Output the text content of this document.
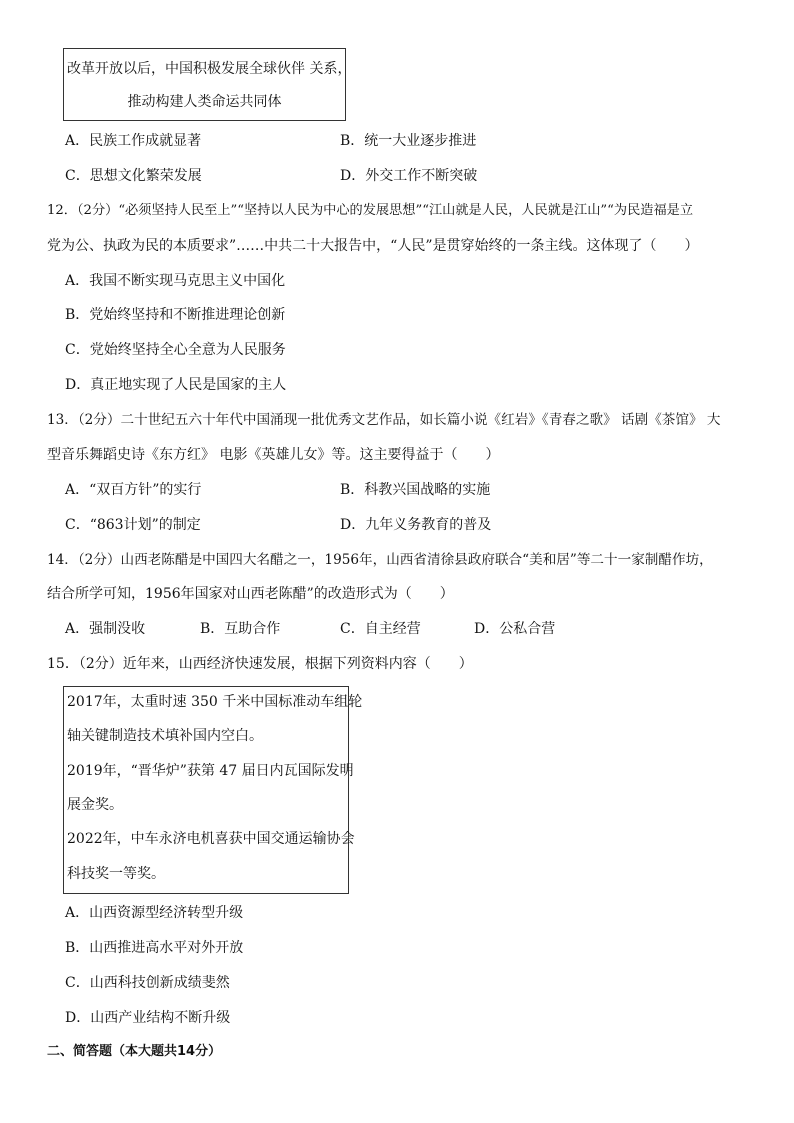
改革开放以后，中国积极发展全球伙伴 关系，
推动构建人类命运共同体
A．民族工作成就显著	B．统一大业逐步推进
C．思想文化繁荣发展	D．外交工作不断突破
12．（2分）“必须坚持人民至上”“坚持以人民为中心的发展思想”“江山就是人民，人民就是江山”“为民造福是立
党为公、执政为民的本质要求”……中共二十大报告中，“人民”是贯穿始终的一条主线。这体现了（　　）
A．我国不断实现马克思主义中国化
B．党始终坚持和不断推进理论创新
C．党始终坚持全心全意为人民服务
D．真正地实现了人民是国家的主人
13．（2分）二十世纪五六十年代中国涌现一批优秀文艺作品，如长篇小说《红岩》《青春之歌》 话剧《茶馆》 大
型音乐舞蹈史诗《东方红》 电影《英雄儿女》等。这主要得益于（　　）
A．“双百方针”的实行	B．科教兴国战略的实施
C．“863计划”的制定	D．九年义务教育的普及
14．（2分）山西老陈醋是中国四大名醋之一，1956年，山西省清徐县政府联合“美和居”等二十一家制醋作坊，
结合所学可知，1956年国家对山西老陈醋”的改造形式为（　　）
A．强制没收	B．互助合作	C．自主经营	D．公私合营
15．（2分）近年来，山西经济快速发展，根据下列资料内容（　　）
2017年，太重时速 350 千米中国标准动车组轮
轴关键制造技术填补国内空白。
2019年，“晋华炉”获第 47 届日内瓦国际发明
展金奖。
2022年，中车永济电机喜获中国交通运输协会
科技奖一等奖。
A．山西资源型经济转型升级
B．山西推进高水平对外开放
C．山西科技创新成绩斐然
D．山西产业结构不断升级
二、简答题（本大题共14分）
